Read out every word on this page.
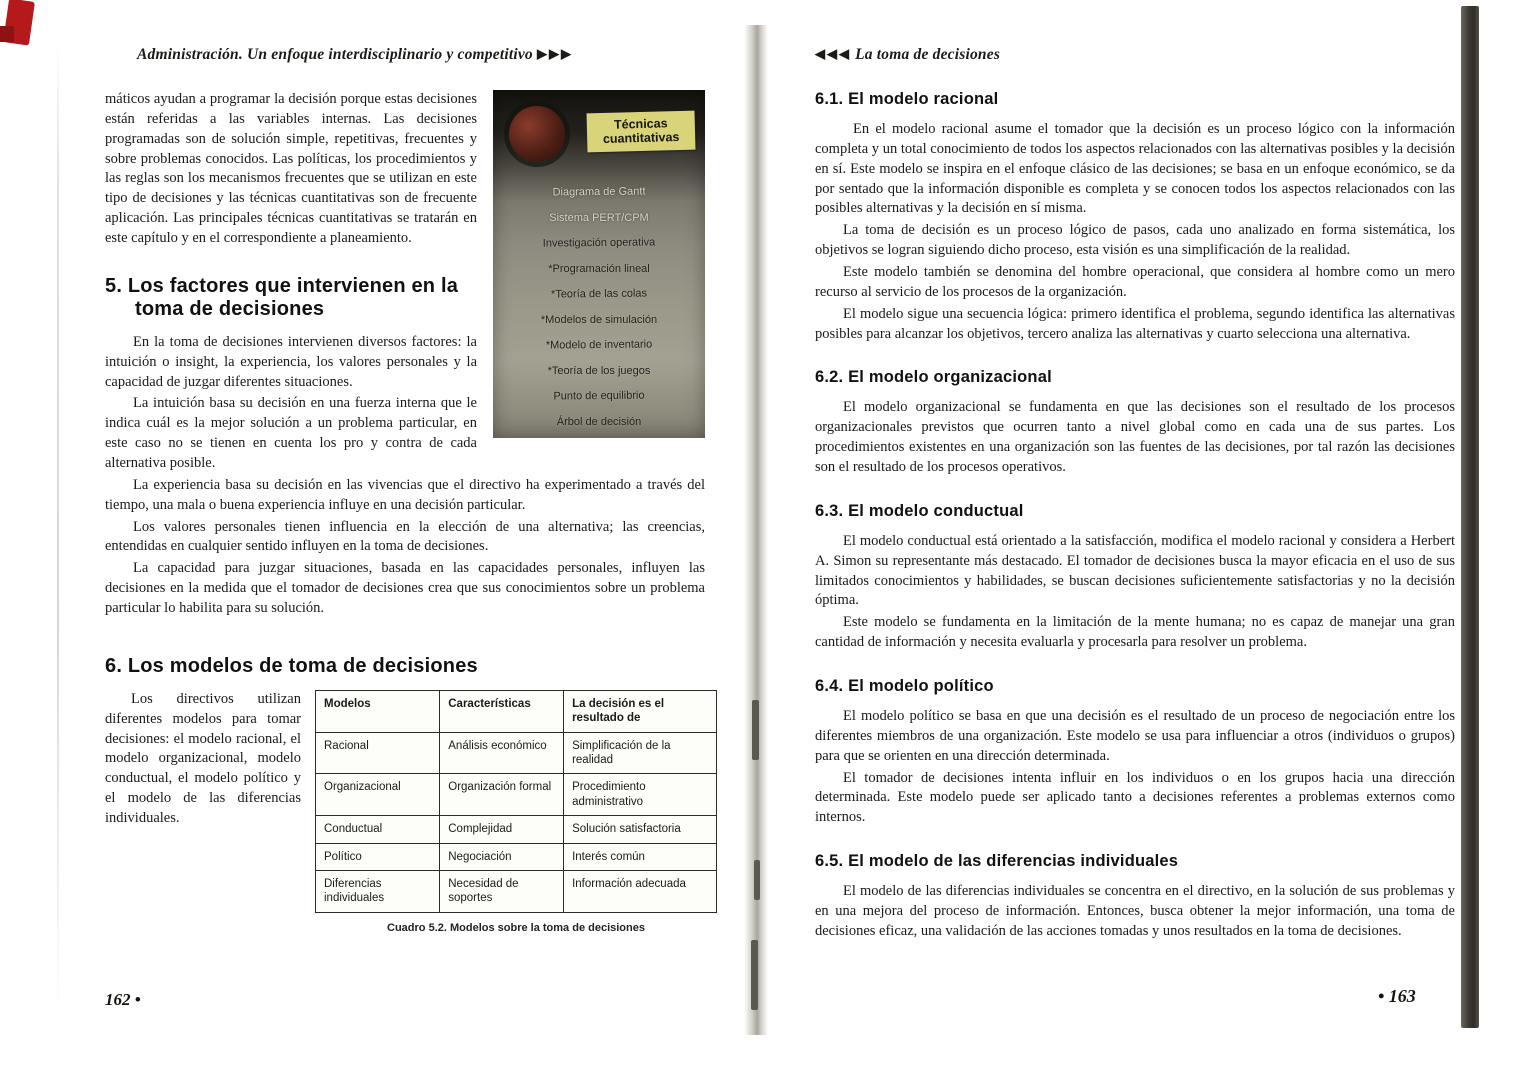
Administración. Un enfoque interdisciplinario y competitivo ▶▶▶
Técnicas cuantitativas
Diagrama de Gantt
Sistema PERT/CPM
Investigación operativa
*Programación lineal
*Teoría de las colas
*Modelos de simulación
*Modelo de inventario
*Teoría de los juegos
Punto de equilibrio
Árbol de decisión

máticos ayudan a programar la decisión porque estas decisiones están referidas a las variables internas. Las decisiones programadas son de solución simple, repetitivas, frecuentes y sobre problemas conocidos. Las políticas, los procedimientos y las reglas son los mecanismos frecuentes que se utilizan en este tipo de decisiones y las técnicas cuantitativas son de frecuente aplicación. Las principales técnicas cuantitativas se tratarán en este capítulo y en el correspondiente a planeamiento.

5. Los factores que intervienen en la toma de decisiones

En la toma de decisiones intervienen diversos factores: la intuición o insight, la experiencia, los valores personales y la capacidad de juzgar diferentes situaciones.

La intuición basa su decisión en una fuerza interna que le indica cuál es la mejor solución a un problema particular, en este caso no se tienen en cuenta los pro y contra de cada alternativa posible.

La experiencia basa su decisión en las vivencias que el directivo ha experimentado a través del tiempo, una mala o buena experiencia influye en una decisión particular.

Los valores personales tienen influencia en la elección de una alternativa; las creencias, entendidas en cualquier sentido influyen en la toma de decisiones.

La capacidad para juzgar situaciones, basada en las capacidades personales, influyen las decisiones en la medida que el tomador de decisiones crea que sus conocimientos sobre un problema particular lo habilita para su solución.

6. Los modelos de toma de decisiones

Los directivos utilizan diferentes modelos para tomar decisiones: el modelo racional, el modelo organizacional, modelo conductual, el modelo político y el modelo de las diferencias individuales.

Modelos	Características	La decisión es el resultado de
Racional	Análisis económico	Simplificación de la realidad
Organizacional	Organización formal	Procedimiento administrativo
Conductual	Complejidad	Solución satisfactoria
Político	Negociación	Interés común
Diferencias individuales	Necesidad de soportes	Información adecuada
Cuadro 5.2. Modelos sobre la toma de decisiones
◀◀◀ La toma de decisiones
6.1. El modelo racional

En el modelo racional asume el tomador que la decisión es un proceso lógico con la información completa y un total conocimiento de todos los aspectos relacionados con las alternativas posibles y la decisión en sí. Este modelo se inspira en el enfoque clásico de las decisiones; se basa en un enfoque económico, se da por sentado que la información disponible es completa y se conocen todos los aspectos relacionados con las posibles alternativas y la decisión en sí misma.

La toma de decisión es un proceso lógico de pasos, cada uno analizado en forma sistemática, los objetivos se logran siguiendo dicho proceso, esta visión es una simplificación de la realidad.

Este modelo también se denomina del hombre operacional, que considera al hombre como un mero recurso al servicio de los procesos de la organización.

El modelo sigue una secuencia lógica: primero identifica el problema, segundo identifica las alternativas posibles para alcanzar los objetivos, tercero analiza las alternativas y cuarto selecciona una alternativa.

6.2. El modelo organizacional

El modelo organizacional se fundamenta en que las decisiones son el resultado de los procesos organizacionales previstos que ocurren tanto a nivel global como en cada una de sus partes. Los procedimientos existentes en una organización son las fuentes de las decisiones, por tal razón las decisiones son el resultado de los procesos operativos.

6.3. El modelo conductual

El modelo conductual está orientado a la satisfacción, modifica el modelo racional y considera a Herbert A. Simon su representante más destacado. El tomador de decisiones busca la mayor eficacia en el uso de sus limitados conocimientos y habilidades, se buscan decisiones suficientemente satisfactorias y no la decisión óptima.

Este modelo se fundamenta en la limitación de la mente humana; no es capaz de manejar una gran cantidad de información y necesita evaluarla y procesarla para resolver un problema.

6.4. El modelo político

El modelo político se basa en que una decisión es el resultado de un proceso de negociación entre los diferentes miembros de una organización. Este modelo se usa para influenciar a otros (individuos o grupos) para que se orienten en una dirección determinada.

El tomador de decisiones intenta influir en los individuos o en los grupos hacia una dirección determinada. Este modelo puede ser aplicado tanto a decisiones referentes a problemas externos como internos.

6.5. El modelo de las diferencias individuales

El modelo de las diferencias individuales se concentra en el directivo, en la solución de sus problemas y en una mejora del proceso de información. Entonces, busca obtener la mejor información, una toma de decisiones eficaz, una validación de las acciones tomadas y unos resultados en la toma de decisiones.

162 •	• 163
